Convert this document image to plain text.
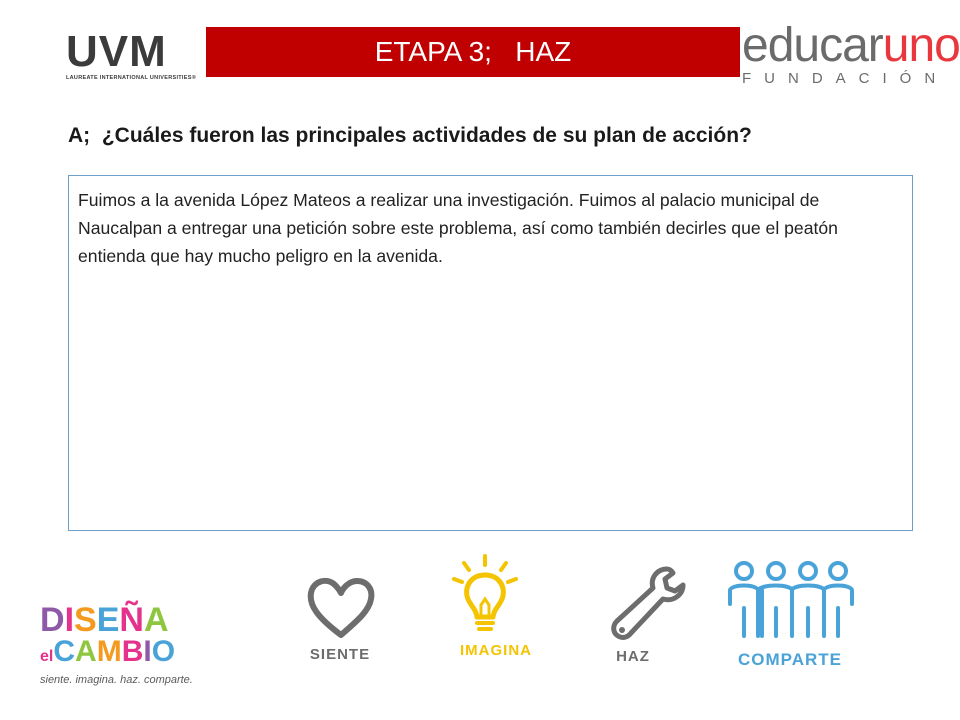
UVM
LAUREATE INTERNATIONAL UNIVERSITIES®
ETAPA 3;   HAZ	educaruno
FUNDACIÓN
A;  ¿Cuáles fueron las principales actividades de su plan de acción?

Fuimos a la avenida López Mateos a realizar una investigación. Fuimos al palacio municipal de Naucalpan a entregar una petición sobre este problema, así como también decirles que el peatón entienda que hay mucho peligro en la avenida.

DISEÑA
elCAMBIO
siente. imagina. haz. comparte.
SIENTE	IMAGINA	HAZ	COMPARTE
